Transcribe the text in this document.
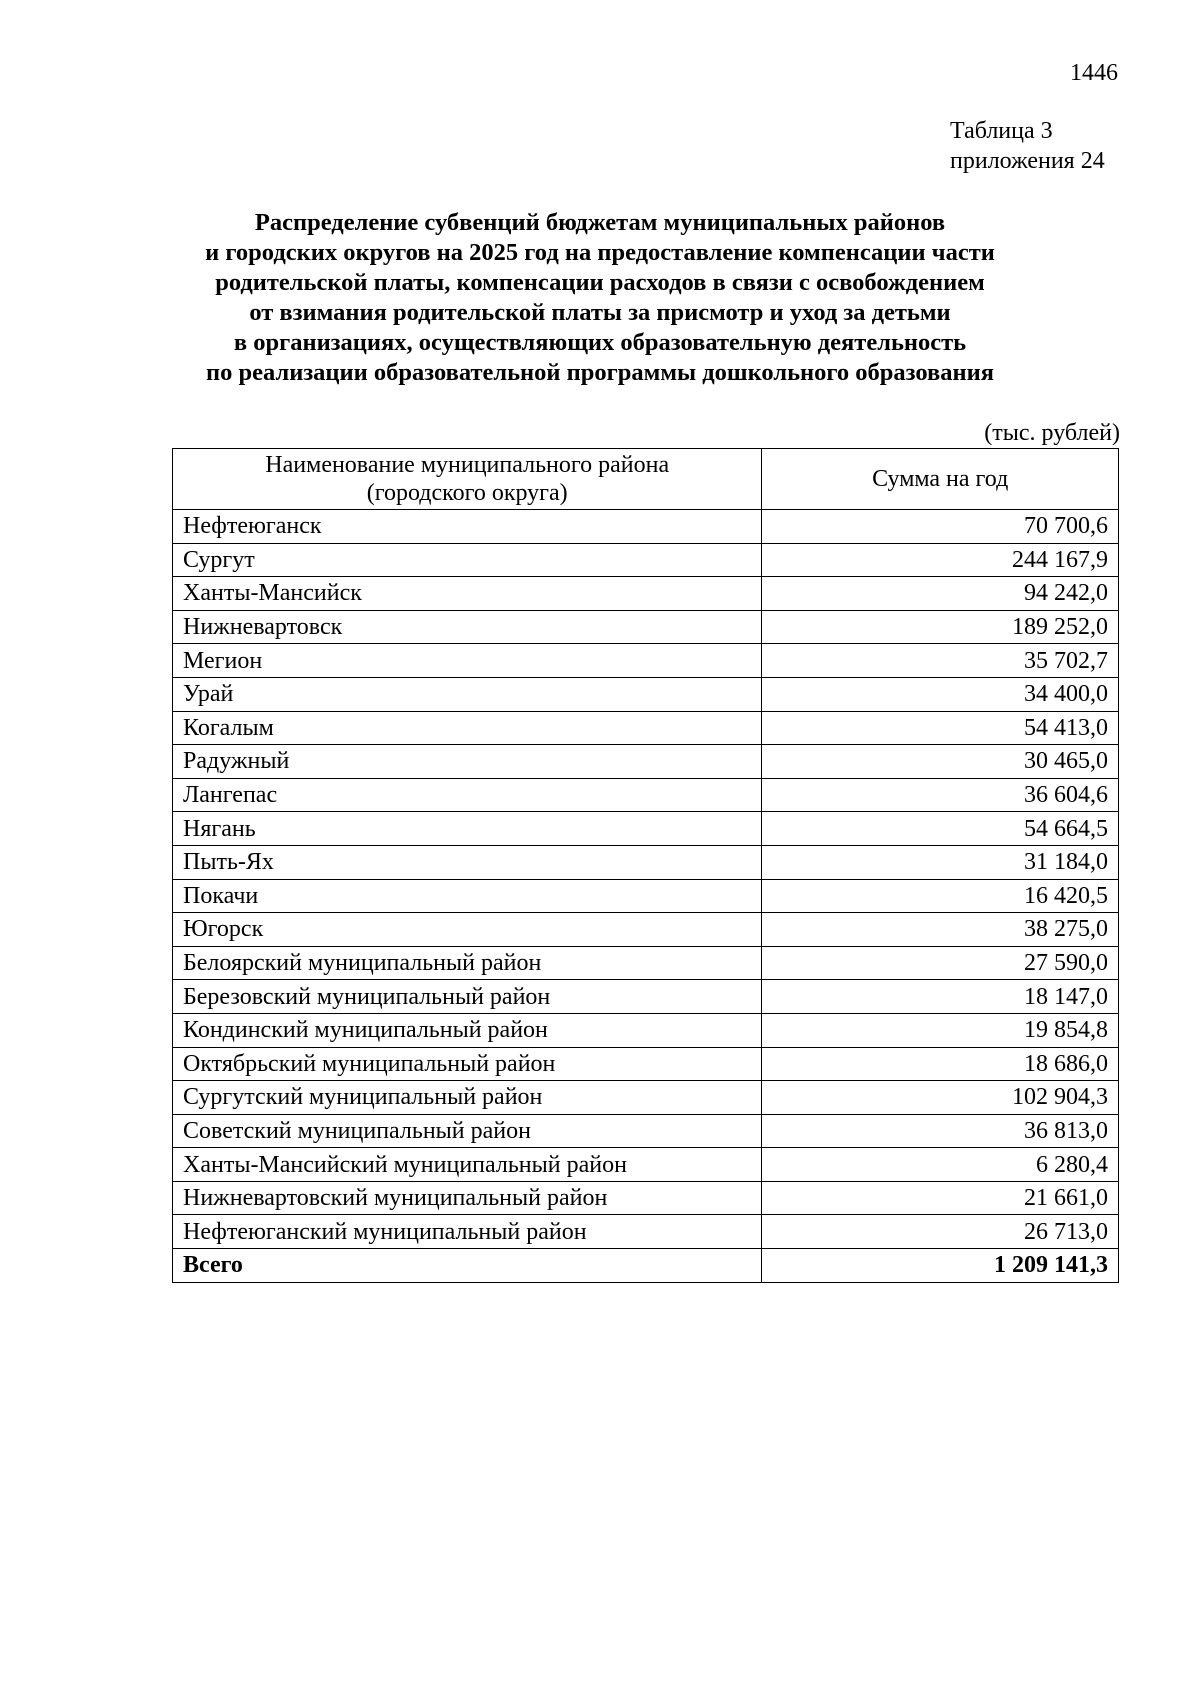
1446
Таблица 3
приложения 24
Распределение субвенций бюджетам муниципальных районов
и городских округов на 2025 год на предоставление компенсации части
родительской платы, компенсации расходов в связи с освобождением
от взимания родительской платы за присмотр и уход за детьми
в организациях, осуществляющих образовательную деятельность
по реализации образовательной программы дошкольного образования
(тыс. рублей)
Наименование муниципального района
(городского округа)	Сумма на год
Нефтеюганск	70 700,6
Сургут	244 167,9
Ханты-Мансийск	94 242,0
Нижневартовск	189 252,0
Мегион	35 702,7
Урай	34 400,0
Когалым	54 413,0
Радужный	30 465,0
Лангепас	36 604,6
Нягань	54 664,5
Пыть-Ях	31 184,0
Покачи	16 420,5
Югорск	38 275,0
Белоярский муниципальный район	27 590,0
Березовский муниципальный район	18 147,0
Кондинский муниципальный район	19 854,8
Октябрьский муниципальный район	18 686,0
Сургутский муниципальный район	102 904,3
Советский муниципальный район	36 813,0
Ханты-Мансийский муниципальный район	6 280,4
Нижневартовский муниципальный район	21 661,0
Нефтеюганский муниципальный район	26 713,0
Всего	1 209 141,3
